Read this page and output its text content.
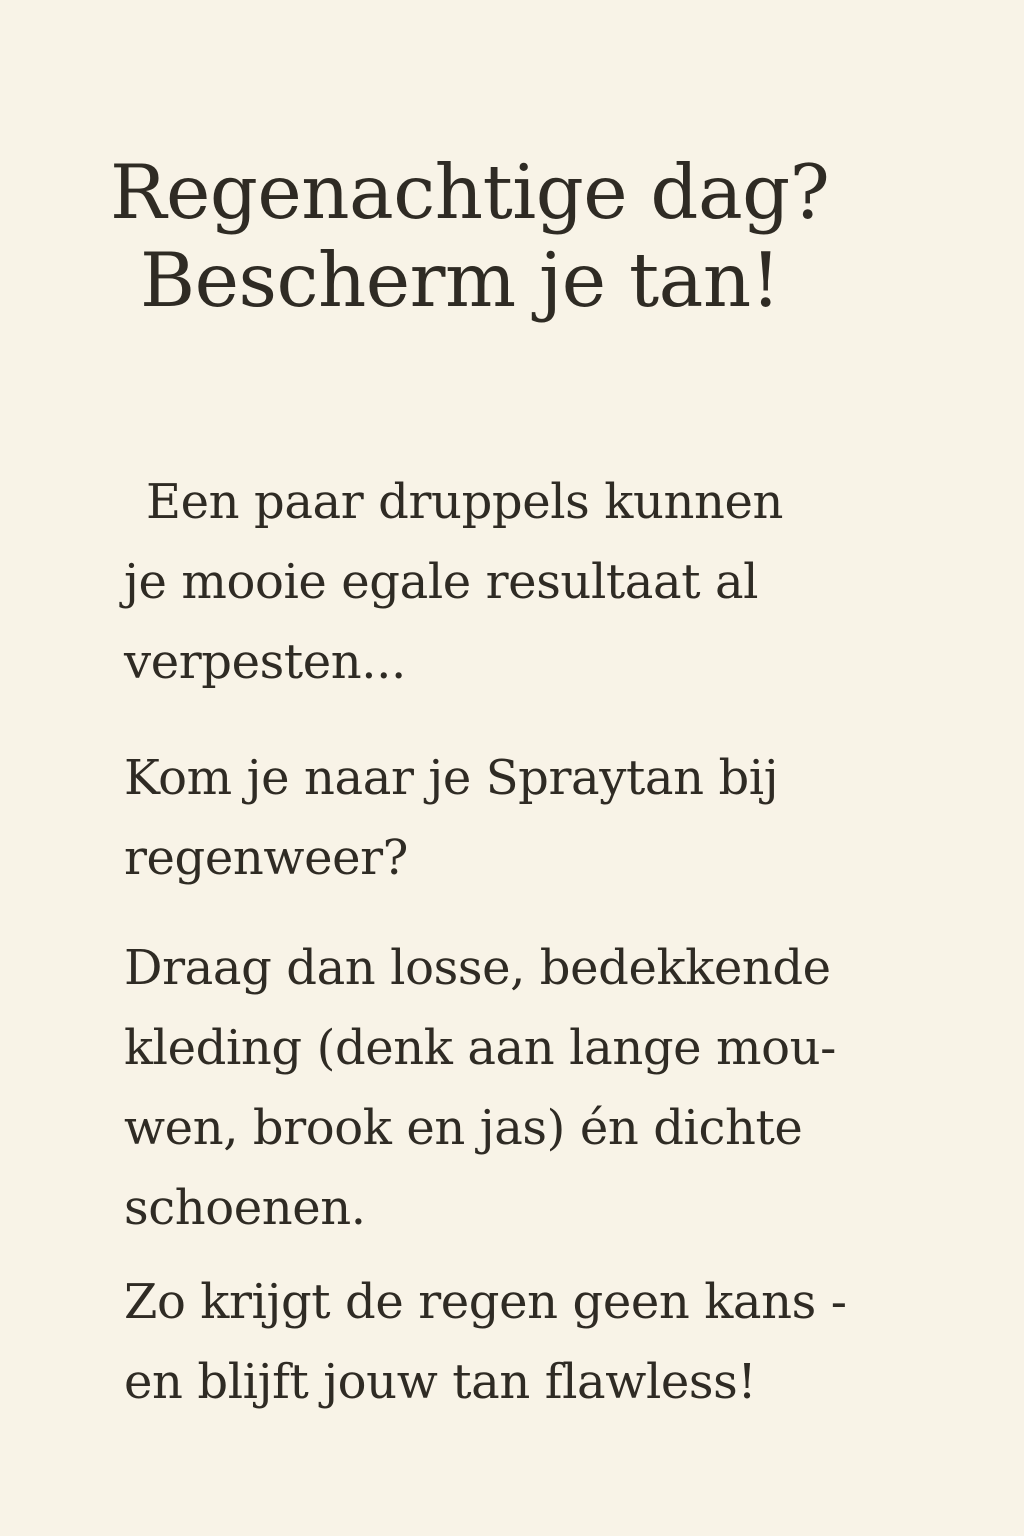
Regenachtige dag?
Bescherm je tan!

Een paar druppels kunnen
je mooie egale resultaat al
verpesten...

Kom je naar je Spraytan bij
regenweer?

Draag dan losse, bedekkende
kleding (denk aan lange mou-
wen, brook en jas) én dichte
schoenen.

Zo krijgt de regen geen kans -
en blijft jouw tan flawless!
